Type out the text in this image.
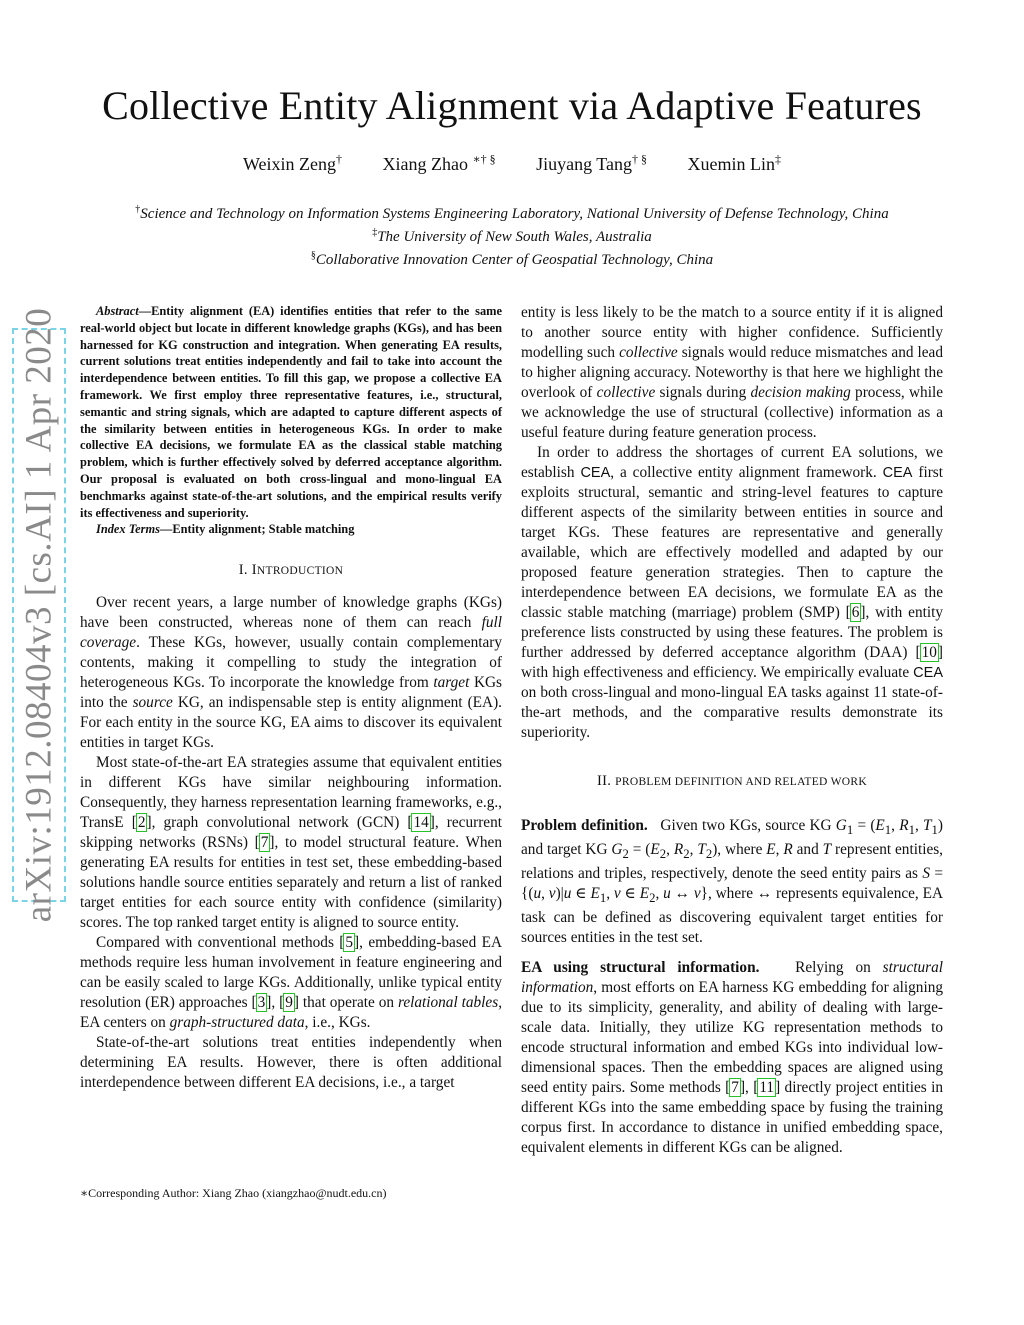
arXiv:1912.08404v3 [cs.AI] 1 Apr 2020
Collective Entity Alignment via Adaptive Features
Weixin Zeng† Xiang Zhao ∗† § Jiuyang Tang† § Xuemin Lin‡
†Science and Technology on Information Systems Engineering Laboratory, National University of Defense Technology, China
‡The University of New South Wales, Australia
§Collaborative Innovation Center of Geospatial Technology, China

Abstract—Entity alignment (EA) identifies entities that refer to the same real-world object but locate in different knowledge graphs (KGs), and has been harnessed for KG construction and integration. When generating EA results, current solutions treat entities independently and fail to take into account the interdependence between entities. To fill this gap, we propose a collective EA framework. We first employ three representative features, i.e., structural, semantic and string signals, which are adapted to capture different aspects of the similarity between entities in heterogeneous KGs. In order to make collective EA decisions, we formulate EA as the classical stable matching problem, which is further effectively solved by deferred acceptance algorithm. Our proposal is evaluated on both cross-lingual and mono-lingual EA benchmarks against state-of-the-art solutions, and the empirical results verify its effectiveness and superiority.

Index Terms—Entity alignment; Stable matching

I. INTRODUCTION

Over recent years, a large number of knowledge graphs (KGs) have been constructed, whereas none of them can reach full coverage. These KGs, however, usually contain complementary contents, making it compelling to study the integration of heterogeneous KGs. To incorporate the knowledge from target KGs into the source KG, an indispensable step is entity alignment (EA). For each entity in the source KG, EA aims to discover its equivalent entities in target KGs.

Most state-of-the-art EA strategies assume that equivalent entities in different KGs have similar neighbouring information. Consequently, they harness representation learning frameworks, e.g., TransE [2], graph convolutional network (GCN) [14], recurrent skipping networks (RSNs) [7], to model structural feature. When generating EA results for entities in test set, these embedding-based solutions handle source entities separately and return a list of ranked target entities for each source entity with confidence (similarity) scores. The top ranked target entity is aligned to source entity.

Compared with conventional methods [5], embedding-based EA methods require less human involvement in feature engineering and can be easily scaled to large KGs. Additionally, unlike typical entity resolution (ER) approaches [3], [9] that operate on relational tables, EA centers on graph-structured data, i.e., KGs.

State-of-the-art solutions treat entities independently when determining EA results. However, there is often additional interdependence between different EA decisions, i.e., a target

∗Corresponding Author: Xiang Zhao (xiangzhao@nudt.edu.cn)

entity is less likely to be the match to a source entity if it is aligned to another source entity with higher confidence. Sufficiently modelling such collective signals would reduce mismatches and lead to higher aligning accuracy. Noteworthy is that here we highlight the overlook of collective signals during decision making process, while we acknowledge the use of structural (collective) information as a useful feature during feature generation process.

In order to address the shortages of current EA solutions, we establish CEA, a collective entity alignment framework. CEA first exploits structural, semantic and string-level features to capture different aspects of the similarity between entities in source and target KGs. These features are representative and generally available, which are effectively modelled and adapted by our proposed feature generation strategies. Then to capture the interdependence between EA decisions, we formulate EA as the classic stable matching (marriage) problem (SMP) [6], with entity preference lists constructed by using these features. The problem is further addressed by deferred acceptance algorithm (DAA) [10] with high effectiveness and efficiency. We empirically evaluate CEA on both cross-lingual and mono-lingual EA tasks against 11 state-of-the-art methods, and the comparative results demonstrate its superiority.

II. PROBLEM DEFINITION AND RELATED WORK

Problem definition.   Given two KGs, source KG $G_1 = (E_1$, $R_1$, $T_1$) and target KG $G_2 = (E_2$, $R_2$, $T_2$), where E, R and T represent entities, relations and triples, respectively, denote the seed entity pairs as S = {(u, v)|u ∈ $E_1$, v ∈ $E_2$, u ↔ v}, where ↔ represents equivalence, EA task can be defined as discovering equivalent target entities for sources entities in the test set.

EA using structural information.   Relying on structural information, most efforts on EA harness KG embedding for aligning due to its simplicity, generality, and ability of dealing with large-scale data. Initially, they utilize KG representation methods to encode structural information and embed KGs into individual low-dimensional spaces. Then the embedding spaces are aligned using seed entity pairs. Some methods [7], [11] directly project entities in different KGs into the same embedding space by fusing the training corpus first. In accordance to distance in unified embedding space, equivalent elements in different KGs can be aligned.
